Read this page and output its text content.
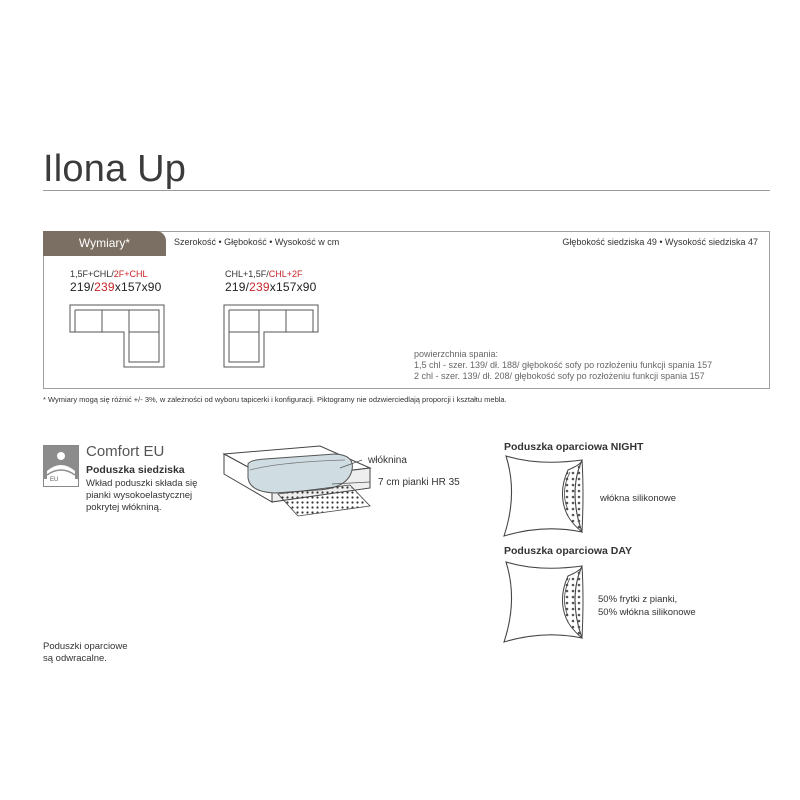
Ilona Up
Wymiary*	Szerokość • Głębokość • Wysokość w cm	Głębokość siedziska 49 • Wysokość siedziska 47
1,5F+CHL/2F+CHL
219/239x157x90
CHL+1,5F/CHL+2F
219/239x157x90
powierzchnia spania:
1,5 chl - szer. 139/ dł. 188/ głębokość sofy po rozłożeniu funkcji spania 157
2 chl - szer. 139/ dł. 208/ głębokość sofy po rozłożeniu funkcji spania 157
* Wymiary mogą się różnić +/- 3%, w zależności od wyboru tapicerki i konfiguracji. Piktogramy nie odzwierciedlają proporcji i kształtu mebla.
EU
Comfort EU
Poduszka siedziska
Wkład poduszki składa się
pianki wysokoelastycznej
pokrytej włókniną.
włóknina
7 cm pianki HR 35
Poduszka oparciowa NIGHT
włókna silikonowe
Poduszka oparciowa DAY
50% frytki z pianki,
50% włókna silikonowe
Poduszki oparciowe
są odwracalne.
